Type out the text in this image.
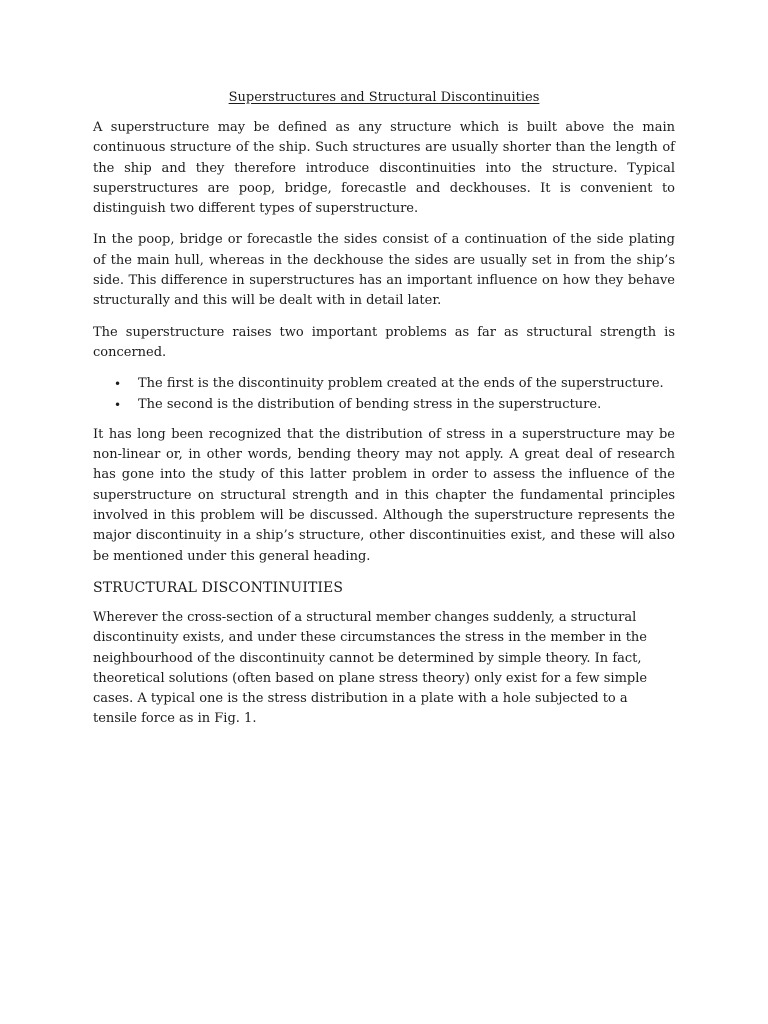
Superstructures and Structural Discontinuities

A superstructure may be defined as any structure which is built above the main continuous structure of the ship. Such structures are usually shorter than the length of the ship and they therefore introduce discontinuities into the structure. Typical superstructures are poop, bridge, forecastle and deckhouses. It is convenient to distinguish two different types of superstructure.

In the poop, bridge or forecastle the sides consist of a continuation of the side plating of the main hull, whereas in the deckhouse the sides are usually set in from the ship’s side. This difference in superstructures has an important influence on how they behave structurally and this will be dealt with in detail later.

The superstructure raises two important problems as far as structural strength is concerned.

• The first is the discontinuity problem created at the ends of the superstructure.
• The second is the distribution of bending stress in the superstructure.

It has long been recognized that the distribution of stress in a superstructure may be non-linear or, in other words, bending theory may not apply. A great deal of research has gone into the study of this latter problem in order to assess the influence of the superstructure on structural strength and in this chapter the fundamental principles involved in this problem will be discussed. Although the superstructure represents the major discontinuity in a ship’s structure, other discontinuities exist, and these will also be mentioned under this general heading.

STRUCTURAL DISCONTINUITIES

Wherever the cross-section of a structural member changes suddenly, a structural discontinuity exists, and under these circumstances the stress in the member in the neighbourhood of the discontinuity cannot be determined by simple theory. In fact, theoretical solutions (often based on plane stress theory) only exist for a few simple cases. A typical one is the stress distribution in a plate with a hole subjected to a tensile force as in Fig. 1.
